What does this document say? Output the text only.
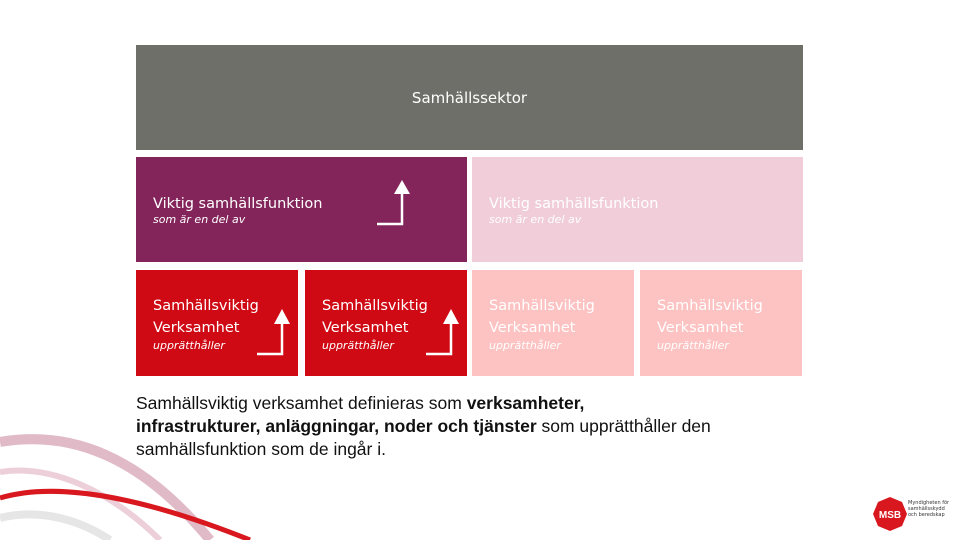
Samhällssektor
Viktig samhällsfunktion
som är en del av
Viktig samhällsfunktion
som är en del av
Samhällsviktig
Verksamhet
upprätthåller
Samhällsviktig
Verksamhet
upprätthåller
Samhällsviktig
Verksamhet
upprätthåller
Samhällsviktig
Verksamhet
upprätthåller
Samhällsviktig verksamhet definieras som verksamheter,
infrastrukturer, anläggningar, noder och tjänster som upprätthåller den
samhällsfunktion som de ingår i.
MSB
Myndigheten för
samhällsskydd
och beredskap
